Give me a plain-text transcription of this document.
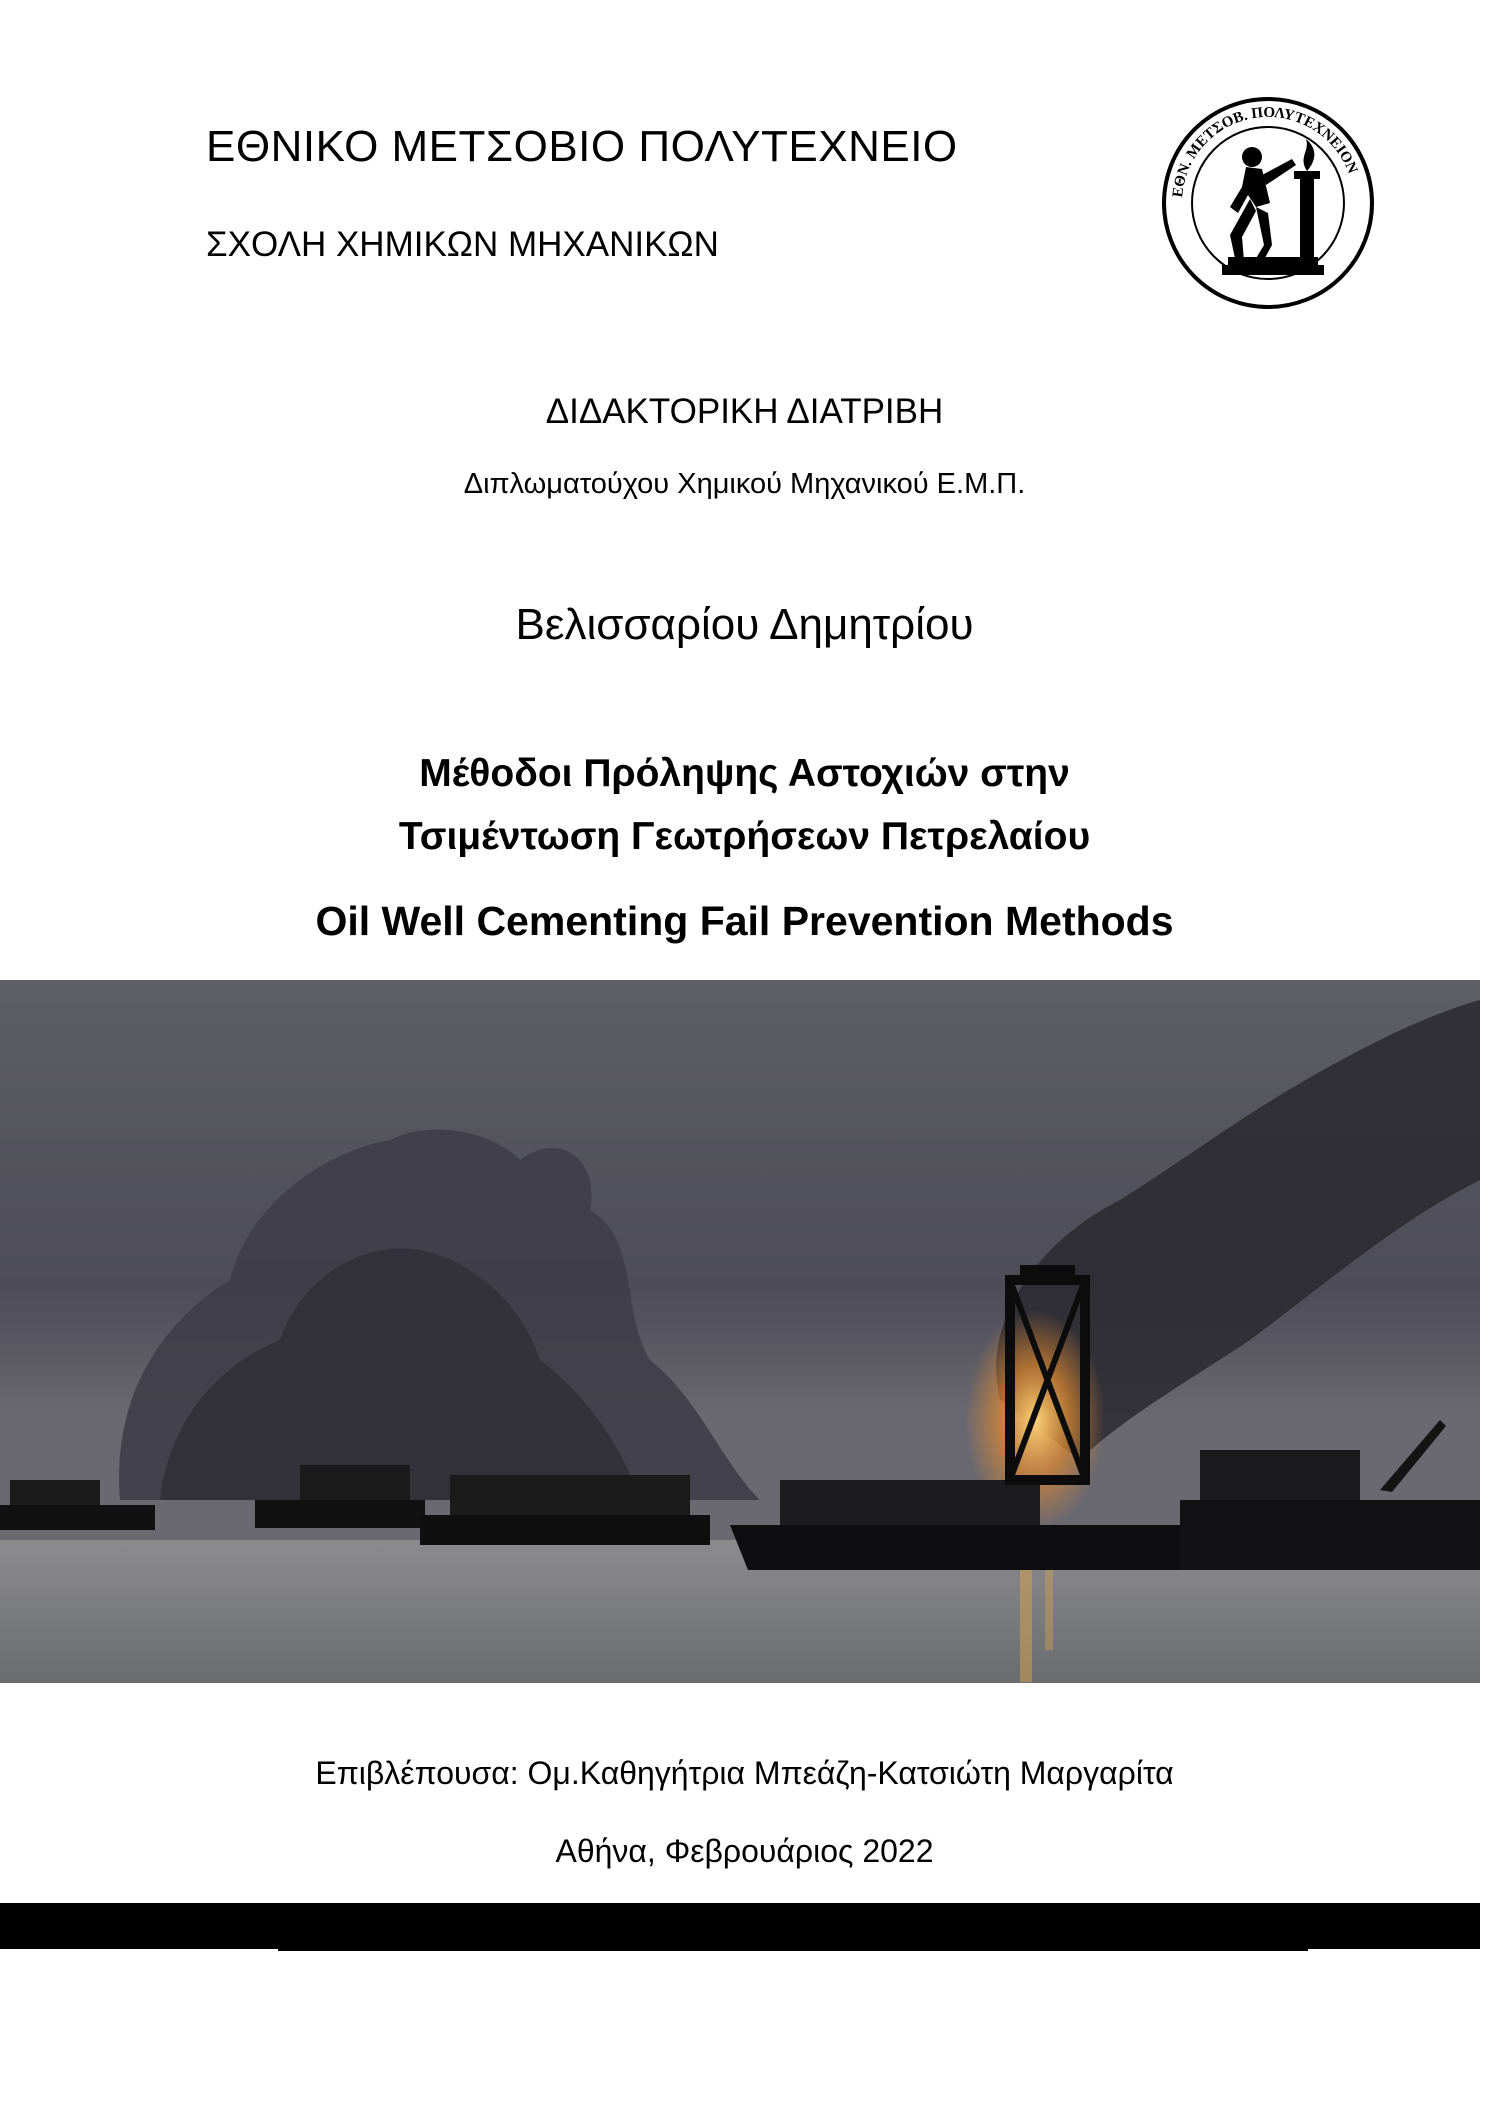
ΕΘΝΙΚΟ ΜΕΤΣΟΒΙΟ ΠΟΛΥΤΕΧΝΕΙΟ
ΣΧΟΛΗ ΧΗΜΙΚΩΝ ΜΗΧΑΝΙΚΩΝ
ΕΘΝ. ΜΕΤΣΟΒ. ΠΟΛΥΤΕΧΝΕΙΟΝ
ΔΙΔΑΚΤΟΡΙΚΗ ΔΙΑΤΡΙΒΗ
Διπλωματούχου Χημικού Μηχανικού Ε.Μ.Π.
Βελισσαρίου Δημητρίου
Μέθοδοι Πρόληψης Αστοχιών στην
Τσιμέντωση Γεωτρήσεων Πετρελαίου
Oil Well Cementing Fail Prevention Methods
Επιβλέπουσα: Ομ.Καθηγήτρια Μπεάζη-Κατσιώτη Μαργαρίτα
Αθήνα, Φεβρουάριος 2022
